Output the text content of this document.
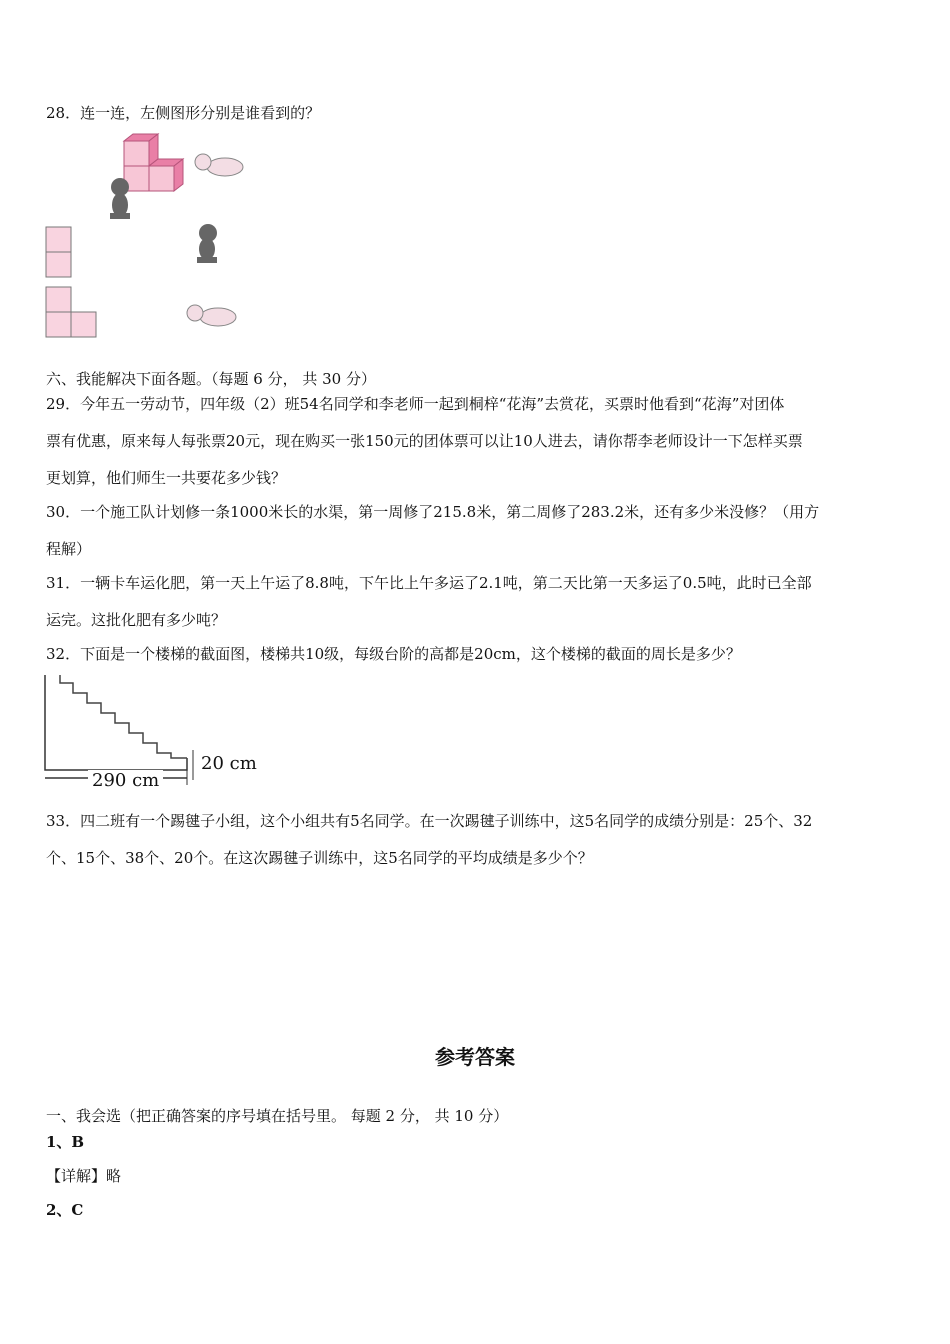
28．连一连，左侧图形分别是谁看到的？
六、我能解决下面各题。（每题 6 分， 共 30 分）
29．今年五一劳动节，四年级（2）班54名同学和李老师一起到桐梓“花海”去赏花，买票时他看到“花海”对团体
票有优惠，原来每人每张票20元，现在购买一张150元的团体票可以让10人进去，请你帮李老师设计一下怎样买票
更划算，他们师生一共要花多少钱？
30．一个施工队计划修一条1000米长的水渠，第一周修了215.8米，第二周修了283.2米，还有多少米没修？（用方
程解）
31．一辆卡车运化肥，第一天上午运了8.8吨，下午比上午多运了2.1吨，第二天比第一天多运了0.5吨，此时已全部
运完。这批化肥有多少吨？
32．下面是一个楼梯的截面图，楼梯共10级，每级台阶的高都是20cm，这个楼梯的截面的周长是多少？
290 cm
20 cm
33．四二班有一个踢毽子小组，这个小组共有5名同学。在一次踢毽子训练中，这5名同学的成绩分别是：25个、32
个、15个、38个、20个。在这次踢毽子训练中，这5名同学的平均成绩是多少个？
参考答案
一、我会选（把正确答案的序号填在括号里。 每题 2 分， 共 10 分）
1、B
【详解】略
2、C
